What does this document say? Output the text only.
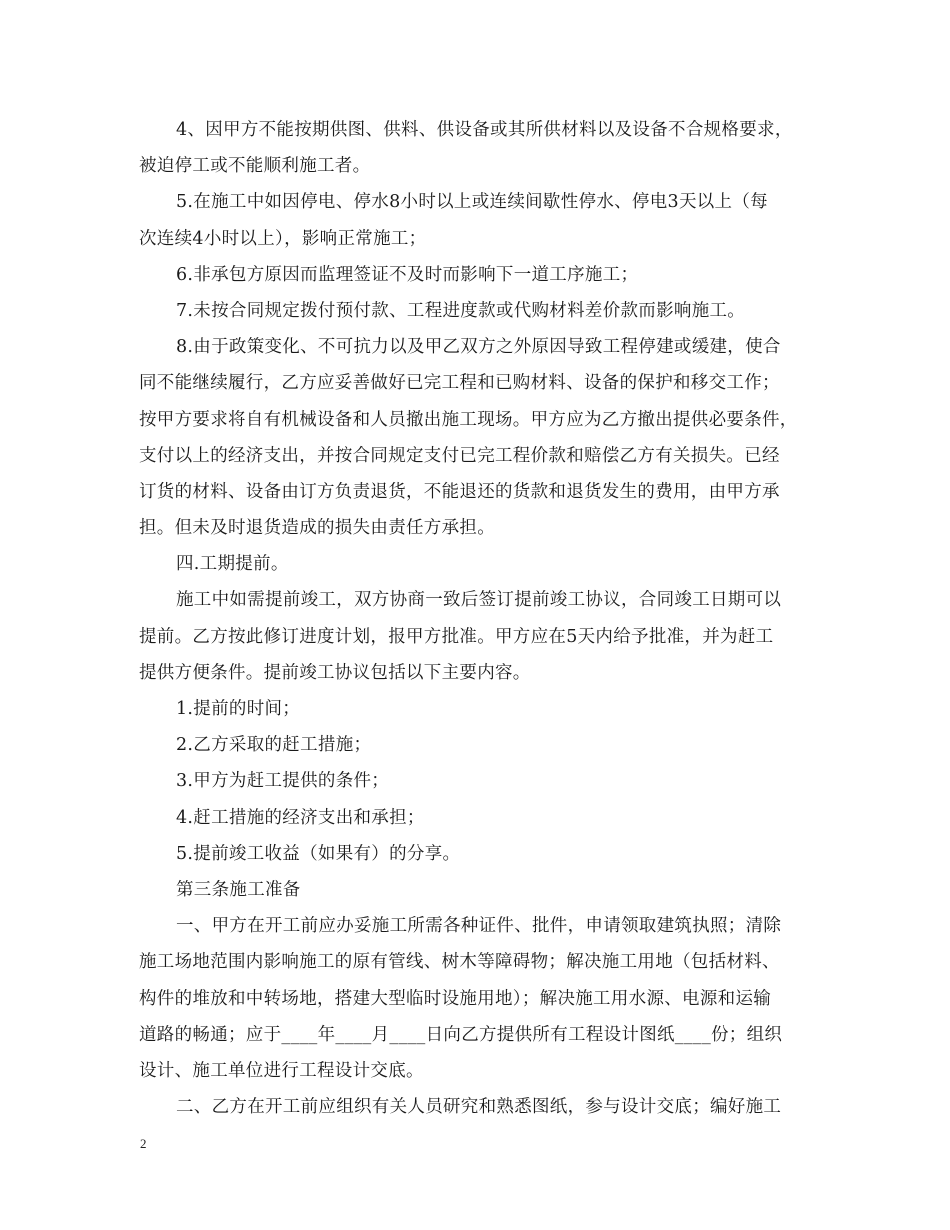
4、因甲方不能按期供图、供料、供设备或其所供材料以及设备不合规格要求，
被迫停工或不能顺利施工者。
5.在施工中如因停电、停水8小时以上或连续间歇性停水、停电3天以上（每
次连续4小时以上），影响正常施工；
6.非承包方原因而监理签证不及时而影响下一道工序施工；
7.未按合同规定拨付预付款、工程进度款或代购材料差价款而影响施工。
8.由于政策变化、不可抗力以及甲乙双方之外原因导致工程停建或缓建，使合
同不能继续履行，乙方应妥善做好已完工程和已购材料、设备的保护和移交工作；
按甲方要求将自有机械设备和人员撤出施工现场。甲方应为乙方撤出提供必要条件，
支付以上的经济支出，并按合同规定支付已完工程价款和赔偿乙方有关损失。已经
订货的材料、设备由订方负责退货，不能退还的货款和退货发生的费用，由甲方承
担。但未及时退货造成的损失由责任方承担。
四.工期提前。
施工中如需提前竣工，双方协商一致后签订提前竣工协议，合同竣工日期可以
提前。乙方按此修订进度计划，报甲方批准。甲方应在5天内给予批准，并为赶工
提供方便条件。提前竣工协议包括以下主要内容。
1.提前的时间；
2.乙方采取的赶工措施；
3.甲方为赶工提供的条件；
4.赶工措施的经济支出和承担；
5.提前竣工收益（如果有）的分享。
第三条施工准备
一、甲方在开工前应办妥施工所需各种证件、批件，申请领取建筑执照；清除
施工场地范围内影响施工的原有管线、树木等障碍物；解决施工用地（包括材料、
构件的堆放和中转场地，搭建大型临时设施用地）；解决施工用水源、电源和运输
道路的畅通；应于____年____月____日向乙方提供所有工程设计图纸____份；组织
设计、施工单位进行工程设计交底。
二、乙方在开工前应组织有关人员研究和熟悉图纸，参与设计交底；编好施工
2
